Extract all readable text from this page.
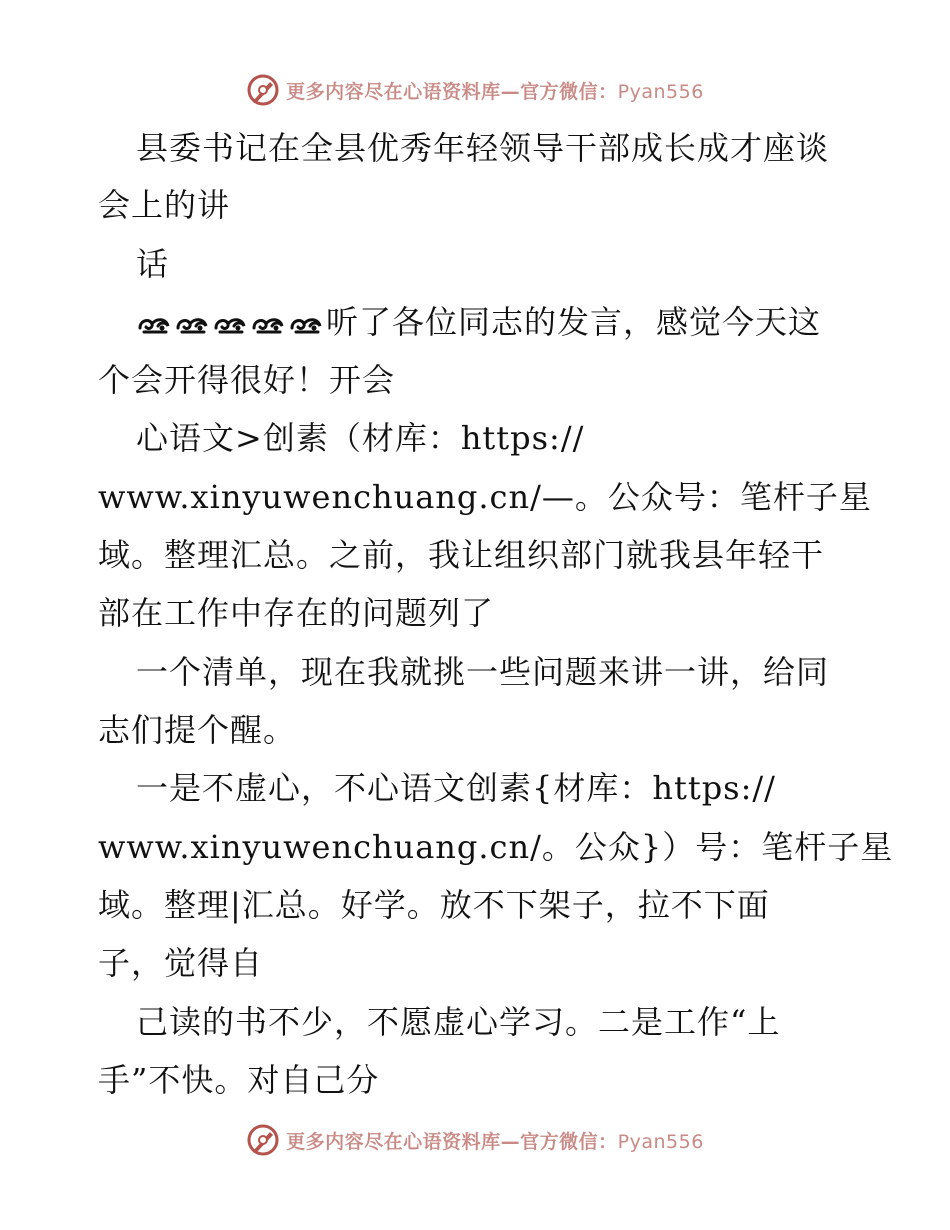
更多内容尽在心语资料库—官方微信：Pyan556
县委书记在全县优秀年轻领导干部成长成才座谈
会上的讲
话
听了各位同志的发言，感觉今天这
个会开得很好！开会
心语文>创素（材库：https://
www.xinyuwenchuang.cn/—。公众号：笔杆子星
域。整理汇总。之前，我让组织部门就我县年轻干
部在工作中存在的问题列了
一个清单，现在我就挑一些问题来讲一讲，给同
志们提个醒。
一是不虚心，不心语文创素{材库：https://
www.xinyuwenchuang.cn/。公众}）号：笔杆子星
域。整理|汇总。好学。放不下架子，拉不下面
子，觉得自
己读的书不少，不愿虚心学习。二是工作“上
手”不快。对自己分
更多内容尽在心语资料库—官方微信：Pyan556
